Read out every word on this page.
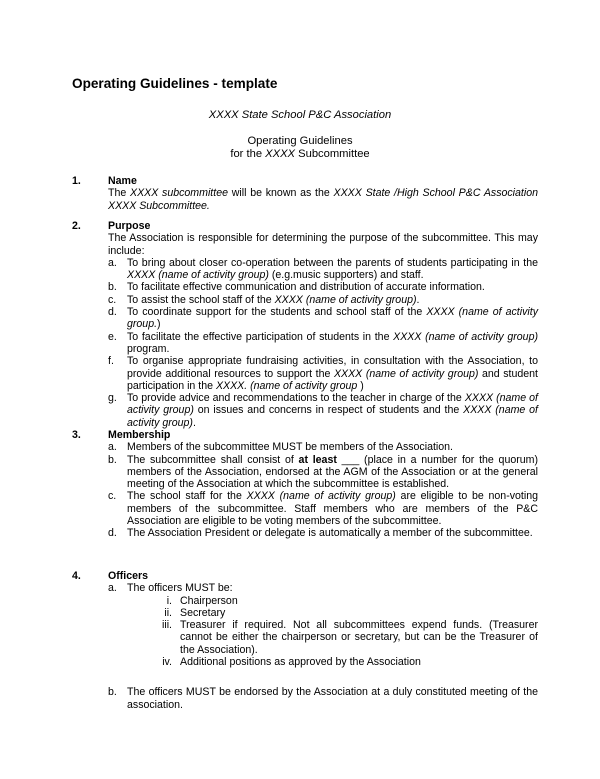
Operating Guidelines - template
XXXX State School P&C Association
Operating Guidelines
for the XXXX Subcommittee
1.	Name
The XXXX subcommittee will be known as the XXXX State /High School P&C Association XXXX Subcommittee.
2.	Purpose
The Association is responsible for determining the purpose of the subcommittee. This may include:
a. To bring about closer co-operation between the parents of students participating in the XXXX (name of activity group) (e.g.music supporters) and staff.
b. To facilitate effective communication and distribution of accurate information.
c.	To assist the school staff of the XXXX (name of activity group).
d. To coordinate support for the students and school staff of the XXXX (name of activity group.)
e. To facilitate the effective participation of students in the XXXX (name of activity group) program.
f.	To organise appropriate fundraising activities, in consultation with the Association, to provide additional resources to support the XXXX (name of activity group) and student participation in the XXXX. (name of activity group )
g. To provide advice and recommendations to the teacher in charge of the XXXX (name of activity group) on issues and concerns in respect of students and the XXXX (name of activity group).
3.	Membership
a. Members of the subcommittee MUST be members of the Association.
b. The subcommittee shall consist of at least ___ (place in a number for the quorum) members of the Association, endorsed at the AGM of the Association or at the general meeting of the Association at which the subcommittee is established.
c.	The school staff for the XXXX (name of activity group) are eligible to be non-voting members of the subcommittee. Staff members who are members of the P&C Association are eligible to be voting members of the subcommittee.
d. The Association President or delegate is automatically a member of the subcommittee.
4.	Officers
a. The officers MUST be:
i. Chairperson
ii. Secretary
iii. Treasurer if required. Not all subcommittees expend funds. (Treasurer cannot be either the chairperson or secretary, but can be the Treasurer of the Association).
iv. Additional positions as approved by the Association
b. The officers MUST be endorsed by the Association at a duly constituted meeting of the association.
